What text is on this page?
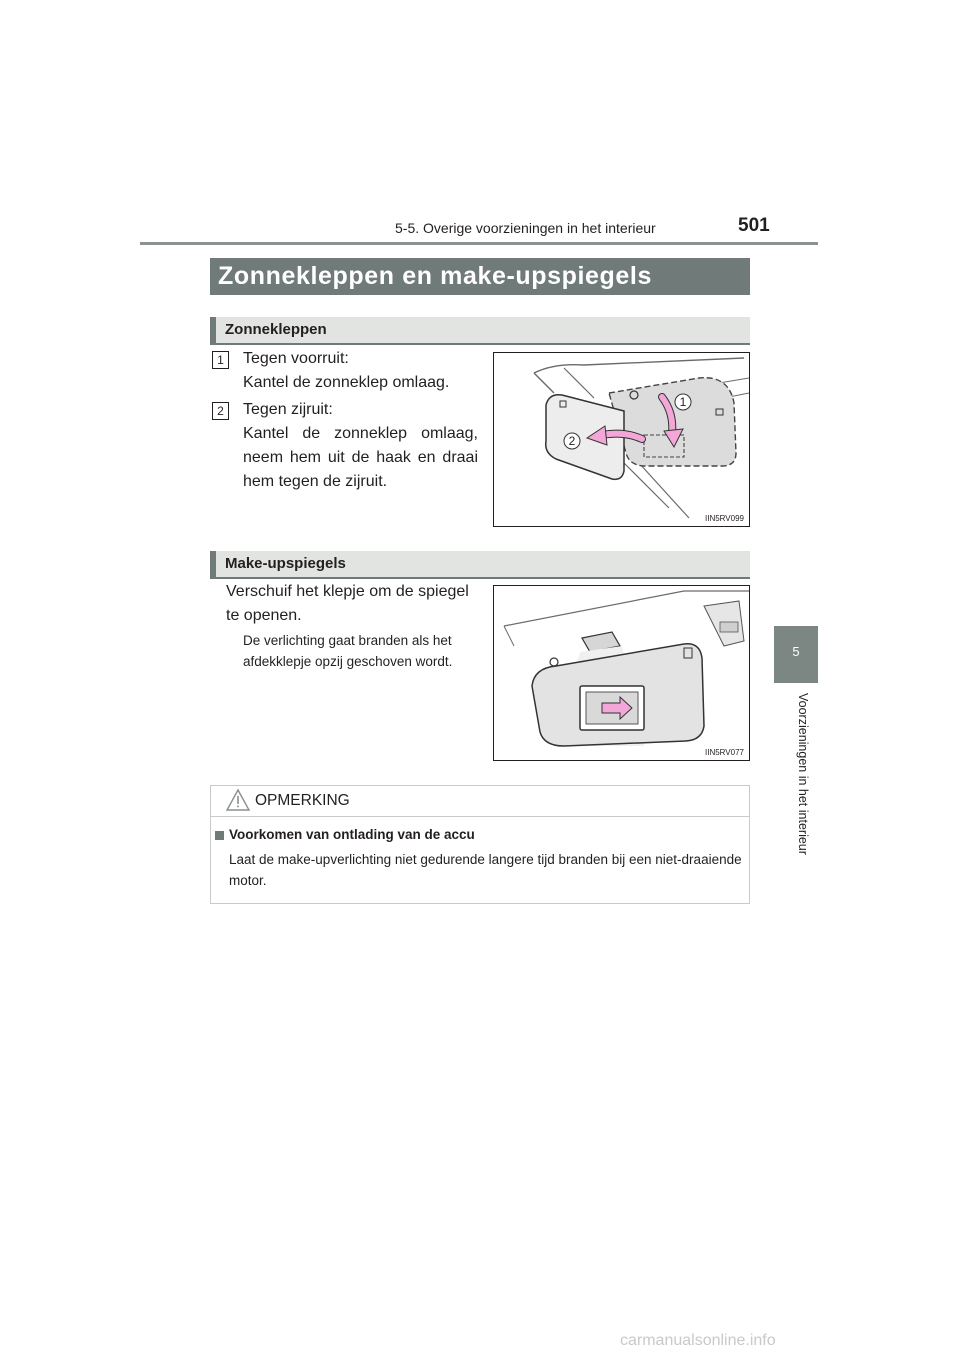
5-5. Overige voorzieningen in het interieur	501
5
Voorzieningen in het interieur
Zonnekleppen en make-upspiegels
Zonnekleppen
1	Tegen voorruit:
Kantel de zonneklep omlaag.
2	Tegen zijruit:
Kantel de zonneklep omlaag,
neem hem uit de haak en draai
hem tegen de zijruit.
1
2
IIN5RV099
Make-upspiegels
Verschuif het klepje om de spiegel
te openen.
De verlichting gaat branden als het
afdekklepje opzij geschoven wordt.
IIN5RV077
OPMERKING
Voorkomen van ontlading van de accu
Laat de make-upverlichting niet gedurende langere tijd branden bij een niet-draaiende motor.
carmanualsonline.info
